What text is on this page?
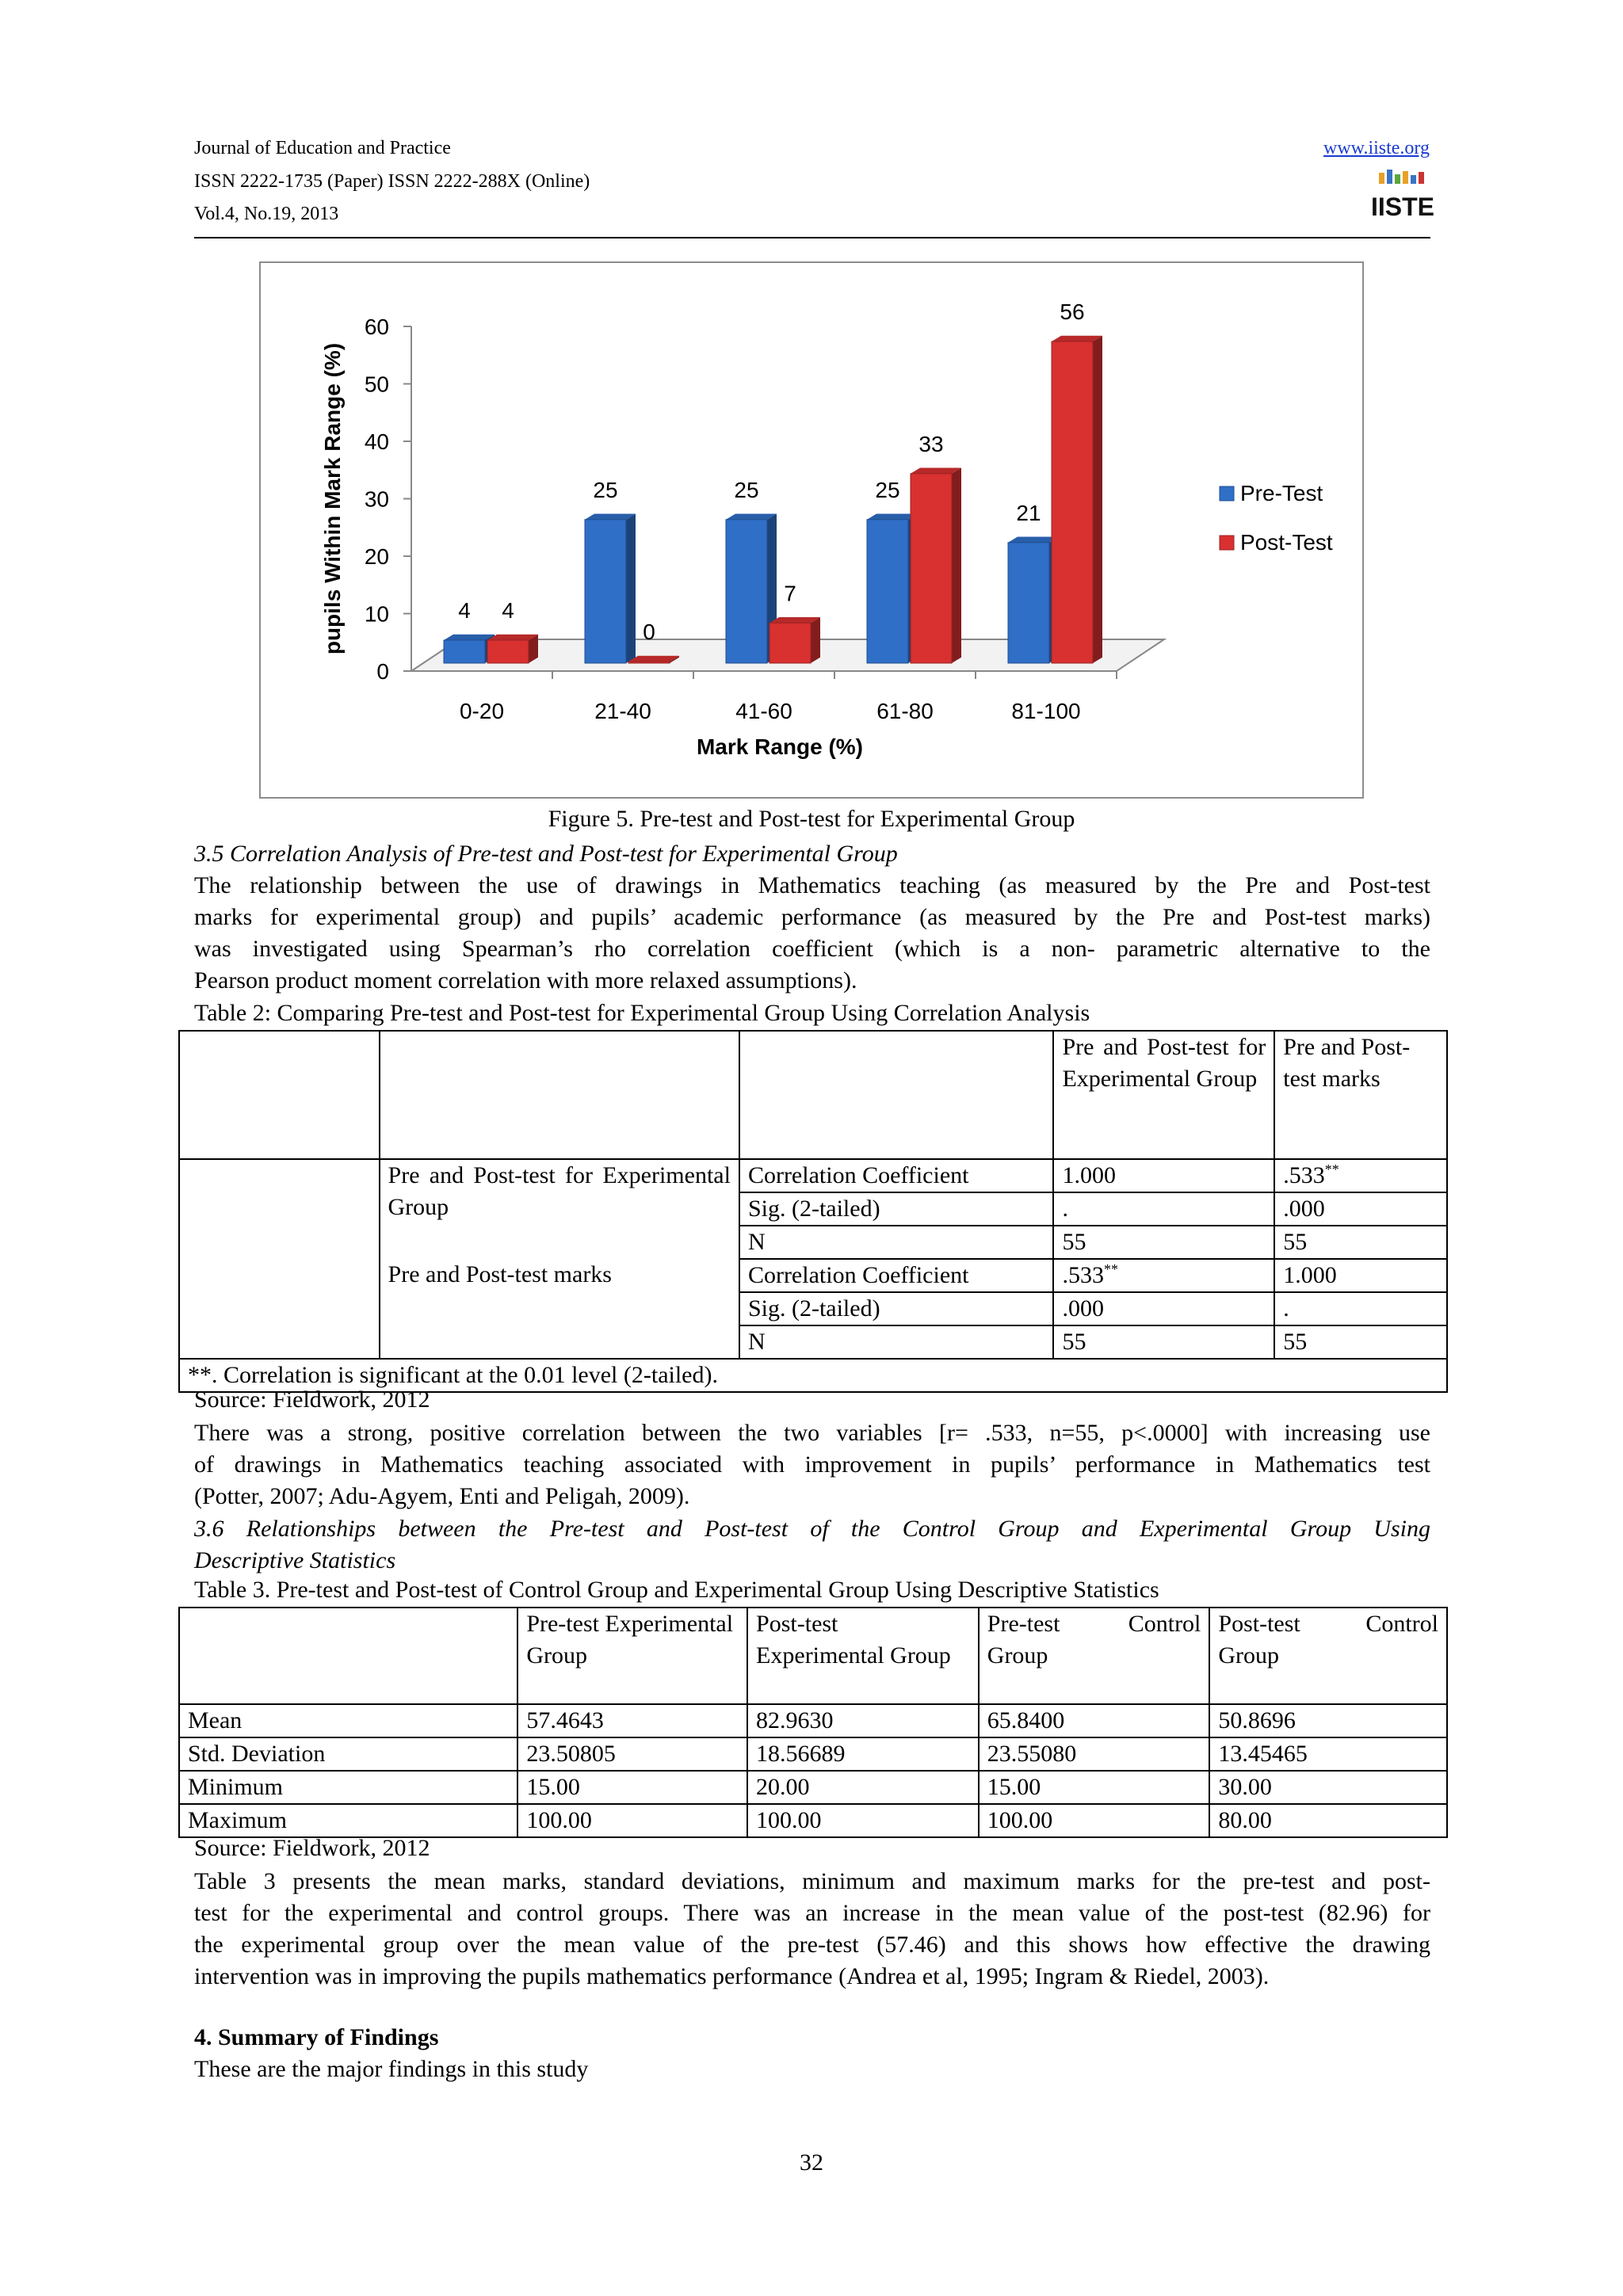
Journal of Education and Practice
ISSN 2222-1735 (Paper) ISSN 2222-288X (Online)
Vol.4, No.19, 2013
www.iiste.org
IISTE
0
10
20
30
40
50
60
pupils Within Mark Range (%)
Mark Range (%)
0-20
4 4
21-40
25
0
41-60
25
7
61-80
25
33
81-100
21
56
Pre-Test
Post-Test
Figure 5. Pre-test and Post-test for Experimental Group
3.5 Correlation Analysis of Pre-test and Post-test for Experimental Group
The relationship between the use of drawings in Mathematics teaching (as measured by the Pre and Post-test
marks for experimental group) and pupils’ academic performance (as measured by the Pre and Post-test marks)
was investigated using Spearman’s rho correlation coefficient (which is a non- parametric alternative to the
Pearson product moment correlation with more relaxed assumptions).
Table 2: Comparing Pre-test and Post-test for Experimental Group Using Correlation Analysis
			Pre and Post-test for Experimental Group	Pre and Post-test marks
	Pre and Post-test for Experimental Group	Correlation Coefficient	1.000	.533**
		Sig. (2-tailed)	.	.000
		N	55	55
	Pre and Post-test marks	Correlation Coefficient	.533**	1.000
		Sig. (2-tailed)	.000	.
		N	55	55
**. Correlation is significant at the 0.01 level (2-tailed).				
Source: Fieldwork, 2012
There was a strong, positive correlation between the two variables [r= .533, n=55, p<.0000] with increasing use
of drawings in Mathematics teaching associated with improvement in pupils’ performance in Mathematics test
(Potter, 2007; Adu-Agyem, Enti and Peligah, 2009).
3.6 Relationships between the Pre-test and Post-test of the Control Group and Experimental Group Using
Descriptive Statistics
Table 3. Pre-test and Post-test of Control Group and Experimental Group Using Descriptive Statistics
	Pre-test Experimental Group	Post-test Experimental Group	Pre-test Control Group	Post-test Control Group
Mean	57.4643	82.9630	65.8400	50.8696
Std. Deviation	23.50805	18.56689	23.55080	13.45465
Minimum	15.00	20.00	15.00	30.00
Maximum	100.00	100.00	100.00	80.00
Source: Fieldwork, 2012
Table 3 presents the mean marks, standard deviations, minimum and maximum marks for the pre-test and post-
test for the experimental and control groups. There was an increase in the mean value of the post-test (82.96) for
the experimental group over the mean value of the pre-test (57.46) and this shows how effective the drawing
intervention was in improving the pupils mathematics performance (Andrea et al, 1995; Ingram & Riedel, 2003).
4. Summary of Findings
These are the major findings in this study
32
